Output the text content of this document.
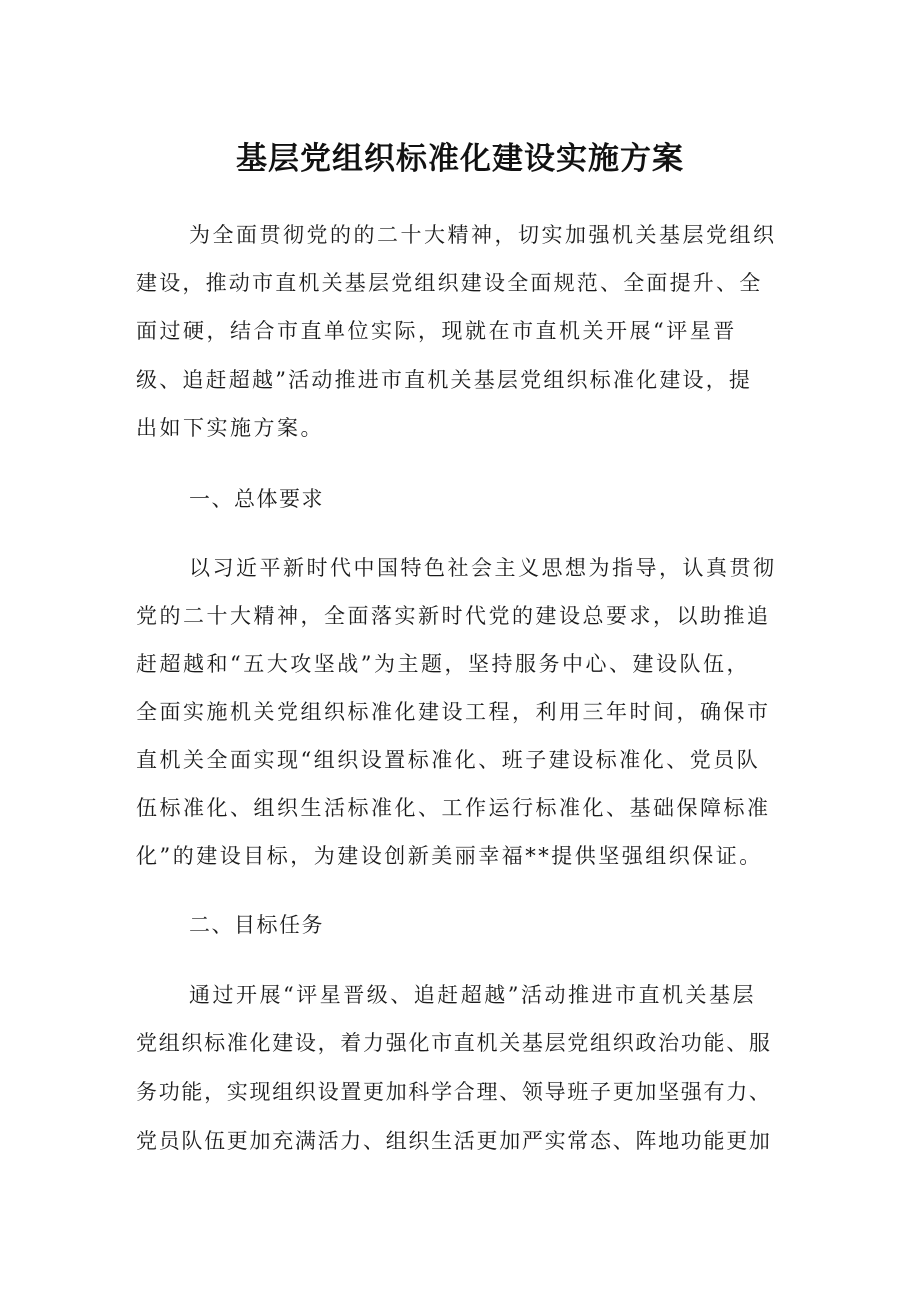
基层党组织标准化建设实施方案
为全面贯彻党的的二十大精神，切实加强机关基层党组织
建设，推动市直机关基层党组织建设全面规范、全面提升、全
面过硬，结合市直单位实际，现就在市直机关开展“评星晋
级、追赶超越”活动推进市直机关基层党组织标准化建设，提
出如下实施方案。
一、总体要求
以习近平新时代中国特色社会主义思想为指导，认真贯彻
党的二十大精神，全面落实新时代党的建设总要求，以助推追
赶超越和“五大攻坚战”为主题，坚持服务中心、建设队伍，
全面实施机关党组织标准化建设工程，利用三年时间，确保市
直机关全面实现“组织设置标准化、班子建设标准化、党员队
伍标准化、组织生活标准化、工作运行标准化、基础保障标准
化”的建设目标，为建设创新美丽幸福**提供坚强组织保证。
二、目标任务
通过开展“评星晋级、追赶超越”活动推进市直机关基层
党组织标准化建设，着力强化市直机关基层党组织政治功能、服
务功能，实现组织设置更加科学合理、领导班子更加坚强有力、
党员队伍更加充满活力、组织生活更加严实常态、阵地功能更加
